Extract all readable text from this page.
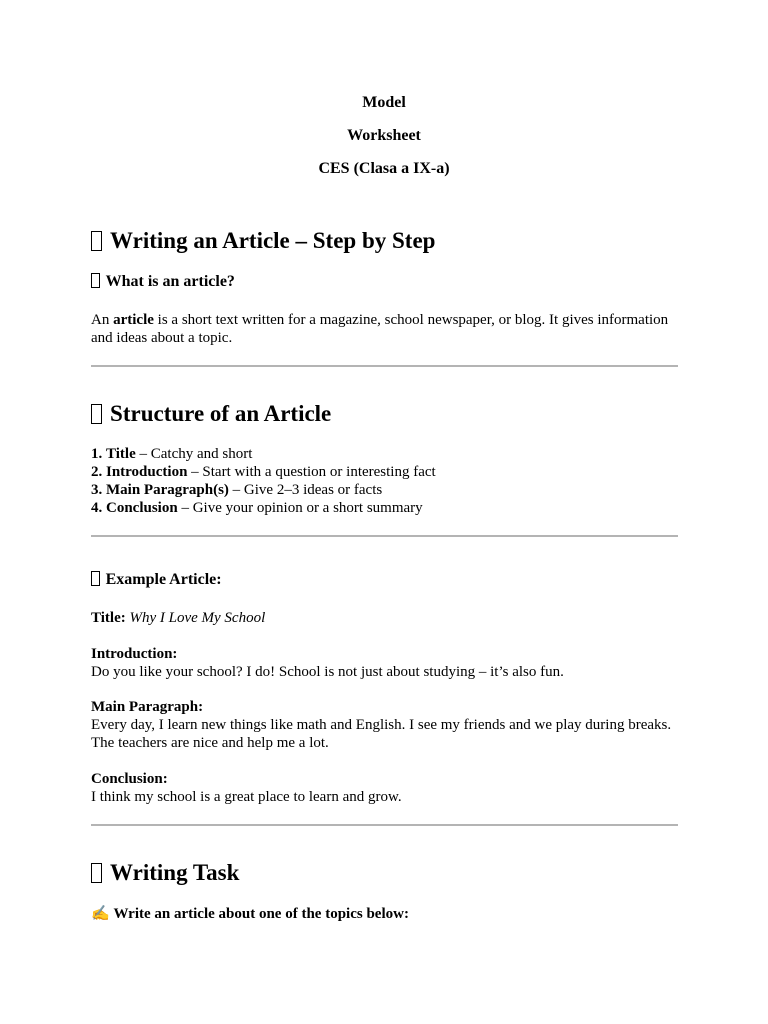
Model
Worksheet
CES (Clasa a IX-a)
Writing an Article – Step by Step
What is an article?
An article is a short text written for a magazine, school newspaper, or blog. It gives information and ideas about a topic.
Structure of an Article
1. Title – Catchy and short
2. Introduction – Start with a question or interesting fact
3. Main Paragraph(s) – Give 2–3 ideas or facts
4. Conclusion – Give your opinion or a short summary
Example Article:
Title: Why I Love My School
Introduction:
Do you like your school? I do! School is not just about studying – it’s also fun.
Main Paragraph:
Every day, I learn new things like math and English. I see my friends and we play during breaks.
The teachers are nice and help me a lot.
Conclusion:
I think my school is a great place to learn and grow.
Writing Task
✍ Write an article about one of the topics below:
